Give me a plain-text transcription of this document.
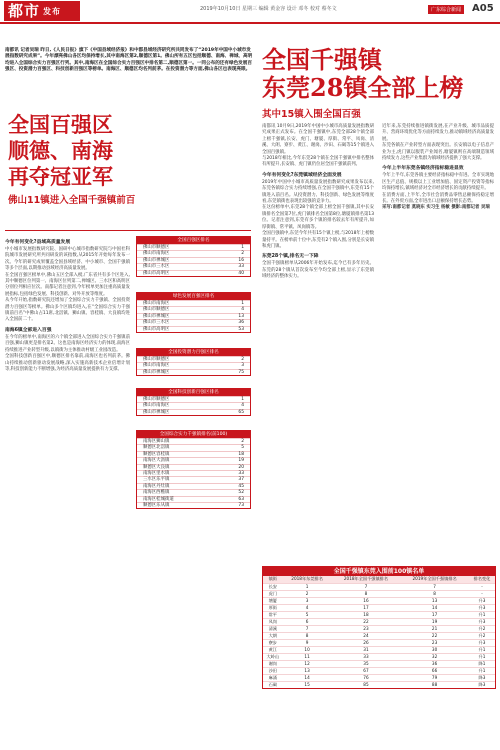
都市 发布	2019年10月10日 星期三 编辑 黄金容 设计 邓冬 校对 蔡冬文	广东综合新闻	A05
南都讯 记者吴瑞 昨日,《人民日报》旗下《中国县域经济报》和中郡县域经济研究所共同发布了“2019年中国中小城市发展指数研究成果”。今年漂亮佛山各区均保持增长,其中南海区第2,顺德区第1。佛山所有五区包括顺德、南海、禅城、高明均进入全国综合实力百强区行列。其中,南海区在全国综合实力百强区中排名第二,顺德区第一。一同公布的还有绿色发展百强区、投资潜力百强区、科技创新百强区等榜单。南海区、顺德区均名列前茅。在投资潜力等方面,佛山各区也表现亮眼。
全国百强区
顺德、南海
再夺冠亚军
佛山11镇进入全国千强镇前百
今年有何变化?县域高质量发展

中小城市发展指数研究院、国研中心城市指数研究院与中国社科院城市发展研究所共同研发的该指数,从2015年开始每年发布一次。今年的研究成果覆盖全国县域经济、中小城市、全国千强镇等多个层面,以期推动县域经济高质量发展。

在全国百强区榜单中,佛山五区全部入榜,广东省共有多个区进入,其中顺德区位列第一、南海区位列第二,禅城区、三水区和高明区分别位列相应位次。南都记者注意到,今年榜单更加注重高质量发展指标,包括绿色发展、科技创新、对外开放等维度。

从今年开始,指数研究院还增加了全国综合实力千强镇、全国投资潜力百强区等榜单。佛山多个区镇均进入,在“全国综合实力千强镇前百名”中佛山占11席,北滘镇、狮山镇、容桂镇、大良镇均进入全国前二十。

南海6镇全部进入百强

在今年的榜单中,南海区的六个镇全部进入全国综合实力千强镇前百强,狮山镇更是排名第2。这也是南海区经济实力的体现,南海区持续推进产业转型升级,以镇街为主体推动村级工业园改造。

全国科技创新百强区中,顺德区排名靠前,南海区也名列前茅。佛山持续推动创新驱动发展战略,深入实施高新技术企业倍增计划等,科技创新能力不断增强,为经济高质量发展提供有力支撑。

全国百强区排名
佛山市顺德区	1
佛山市南海区	2
佛山市禅城区	16
佛山市三水区	33
佛山市高明区	40
绿色发展百强区排名
佛山市南海区	1
佛山市顺德区	4
佛山市禅城区	13
佛山市三水区	36
佛山市高明区	53
全国投资潜力百强区排名
佛山市顺德区	2
佛山市南海区	3
佛山市禅城区	75
全国科技创新百强区排名
佛山市顺德区	1
佛山市南海区	4
佛山市禅城区	65
全国综合实力千强镇排名(前100)
南海区狮山镇	2
顺德区北滘镇	5
顺德区容桂镇	18
南海区大沥镇	19
顺德区大良镇	20
南海区里水镇	33
三水区乐平镇	37
南海区丹灶镇	45
南海区西樵镇	52
南海区桂城街道	63
顺德区乐从镇	73
全国千强镇
东莞28镇全部上榜
其中15镇入围全国百强

南都讯 10月9日,2019年中国中小城市高质量发展指数研究成果正式发布。在全国千强镇中,东莞全部28个镇全部上榜千强镇,长安、虎门、塘厦、厚街、常平、凤岗、清溪、大朗、寮步、黄江、谢岗、沙田、石碣等15个镇进入全国百强镇。

与2018年相比,今年东莞28个镇在全国千强镇中排名整体有所提升,长安镇、虎门镇仍位居全国千强镇前列。

今年有何变化?东莞镇域经济全面发展

2019年中国中小城市高质量发展指数研究成果发布以来,东莞各镇综合实力持续增强,在全国千强镇中,东莞有15个镇进入前百名。从投资潜力、科技创新、绿色发展等维度看,东莞镇街也表现出较强的竞争力。

在这份榜单中,东莞28个镇全部上榜全国千强镇,其中长安镇排名全国第7位,虎门镇排名全国第8位,塘厦镇排名第13位。记者注意到,东莞有多个镇的排名较去年有所提升,如厚街镇、常平镇、凤岗镇等。

全国百强镇中,东莞今年共有15个镇上榜,与2018年上榜数量持平。在榜单前十位中,东莞有2个镇入围,分别是长安镇和虎门镇。

东莞28个镇,排名无一下降

全国千强镇榜单从2006年开始发布,迄今已有多年历史。东莞的28个镇从首次发布至今均全部上榜,显示了东莞镇域经济的整体实力。

近年来,东莞持续推进镇街发展,在产业升级、城市品质提升、营商环境优化等方面持续发力,推动镇域经济高质量发展。

东莞各镇在产业转型方面表现突出。长安镇以电子信息产业为主,虎门镇以服装产业闻名,塘厦镇则在高端制造领域持续发力,这些产业集群为镇域经济提供了强大支撑。

今年上半年东莞各镇经济指标稳进显效

今年上半年,东莞各镇主要经济指标稳中有进。全市实现地区生产总值、规模以上工业增加值、固定资产投资等指标均保持增长,镇域经济对全市经济增长的贡献持续提升。

在消费方面,上半年,全市社会消费品零售总额保持稳定增长。在外贸方面,全市进出口总额保持增长态势。

采写:南都记者 莫晓东 实习生 杨敏 摄影:南都记者 吴瑞

全国千强镇东莞入围前100镇名单
镇街	2018年东莞排名	2018年全国千强镇排名	2019年全国千强镇排名	排名变化
长安	1	7	7	-
虎门	2	8	8	-
塘厦	3	16	13	升3
厚街	4	17	14	升3
常平	5	18	17	升1
凤岗	6	22	19	升3
清溪	7	23	21	升2
大朗	8	24	22	升2
寮步	9	26	23	升3
黄江	10	31	30	升1
大岭山	11	33	32	升1
谢岗	12	35	36	降1
沙田	13	67	66	升1
麻涌	14	76	79	降3
石碣	15	85	88	降3
